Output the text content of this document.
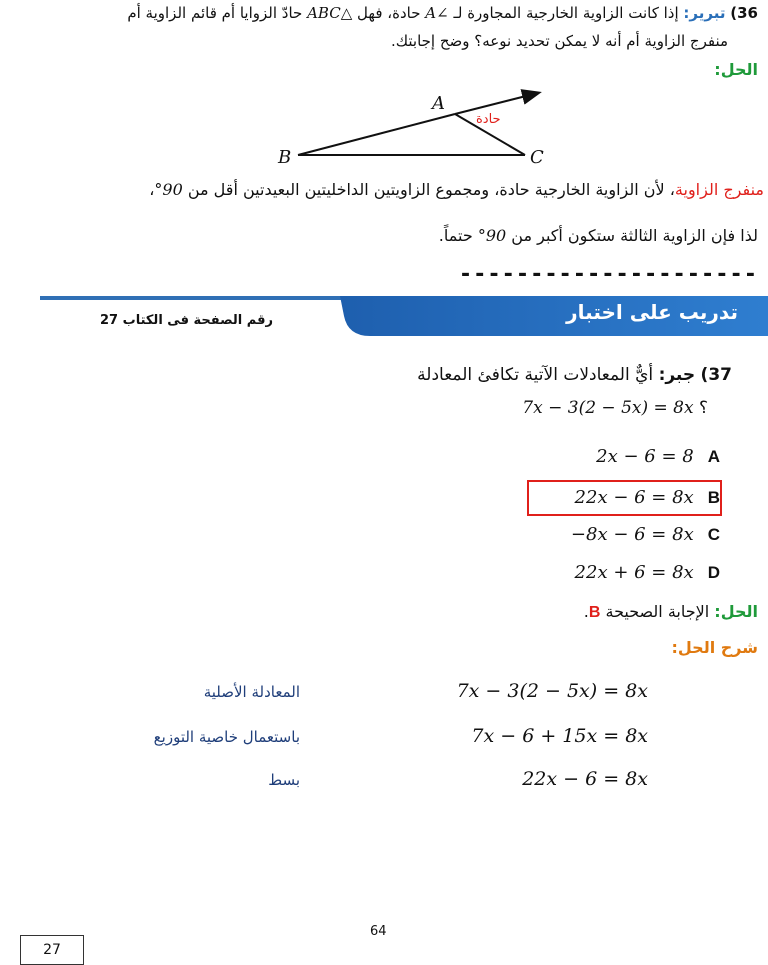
36) تبرير: إذا كانت الزاوية الخارجية المجاورة لـ ∠A حادة، فهل △ABC حادّ الزوايا أم قائم الزاوية أم
منفرج الزاوية أم أنه لا يمكن تحديد نوعه؟ وضح إجابتك.
الحل:
A
B	C
حادة
منفرج الزاوية، لأن الزاوية الخارجية حادة، ومجموع الزاويتين الداخليتين البعيدتين أقل من 90°،
لذا فإن الزاوية الثالثة ستكون أكبر من 90° حتماً.
---------------------
تدريب على اختبار
رقم الصفحة فى الكتاب 27
37) جبر: أيٌّ المعادلات الآتية تكافئ المعادلة
؟ 7x − 3(2 − 5x) = 8x
A
2x − 6 = 8
B
22x − 6 = 8x
C
−8x − 6 = 8x
D
22x + 6 = 8x
الحل: الإجابة الصحيحة B.
شرح الحل:
7x − 3(2 − 5x) = 8x
المعادلة الأصلية
7x − 6 + 15x = 8x
باستعمال خاصية التوزيع
22x − 6 = 8x
بسط
64
27
